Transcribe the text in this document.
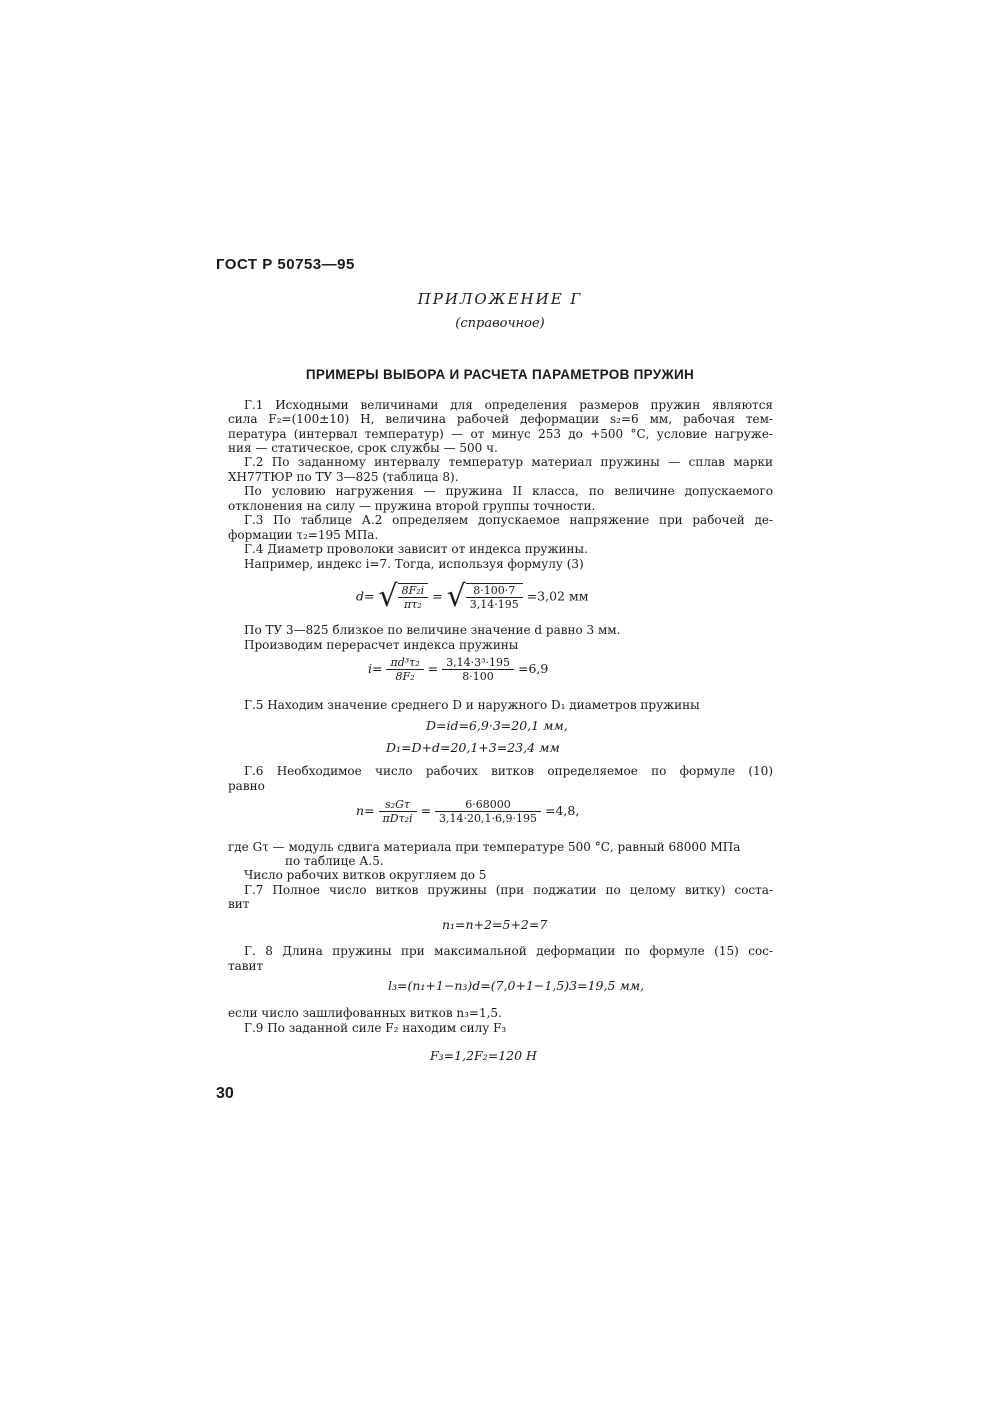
ГОСТ Р 50753—95
ПРИЛОЖЕНИЕ Г
(справочное)
ПРИМЕРЫ ВЫБОРА И РАСЧЕТА ПАРАМЕТРОВ ПРУЖИН
Г.1 Исходными величинами для определения размеров пружин являются
сила F₂=(100±10) Н, величина рабочей деформации s₂=6 мм, рабочая тем-
пература (интервал температур) — от минус 253 до +500 °С, условие нагруже-
ния — статическое, срок службы — 500 ч.
Г.2 По заданному интервалу температур материал пружины — сплав марки
ХН77ТЮР по ТУ 3—825 (таблица 8).
По условию нагружения — пружина II класса, по величине допускаемого
отклонения на силу — пружина второй группы точности.
Г.3 По таблице А.2 определяем допускаемое напряжение при рабочей де-
формации τ₂=195 МПа.
Г.4 Диаметр проволоки зависит от индекса пружины.
Например, индекс i=7. Тогда, используя формулу (3)
d= √ $\frac{\text{8F₂i}}{\text{πτ₂}}$ = √ $\frac{8\cdot 100\cdot 7}{3,14\cdot 195} =3,02$ мм
По ТУ 3—825 близкое по величине значение d равно 3 мм.
Производим перерасчет индекса пружины
$i= \frac{\text{πd³τ₂}}{\text{8F₂}} = \frac{\text{3,14·3³·195}}{8\cdot 100} =6,9$
Г.5 Находим значение среднего D и наружного D₁ диаметров пружины
D=id=6,9·3=20,1 мм,
D₁=D+d=20,1+3=23,4 мм
Г.6 Необходимое число рабочих витков определяемое по формуле (10)
равно
$n= \frac{\text{s₂Gτ}}{\text{πDτ₂i}} = \frac{6\cdot 68000}{3,14\cdot 20,1\cdot 6,9\cdot 195} =4,8$,
где Gτ — модуль сдвига материала при температуре 500 °С, равный 68000 МПа
по таблице А.5.
Число рабочих витков округляем до 5
Г.7 Полное число витков пружины (при поджатии по целому витку) соста-
вит
n₁=n+2=5+2=7
Г. 8 Длина пружины при максимальной деформации по формуле (15) сос-
тавит
l₃=(n₁+1−n₃)d=(7,0+1−1,5)3=19,5 мм,
если число зашлифованных витков n₃=1,5.
Г.9 По заданной силе F₂ находим силу F₃
F₃=1,2F₂=120 Н
30
